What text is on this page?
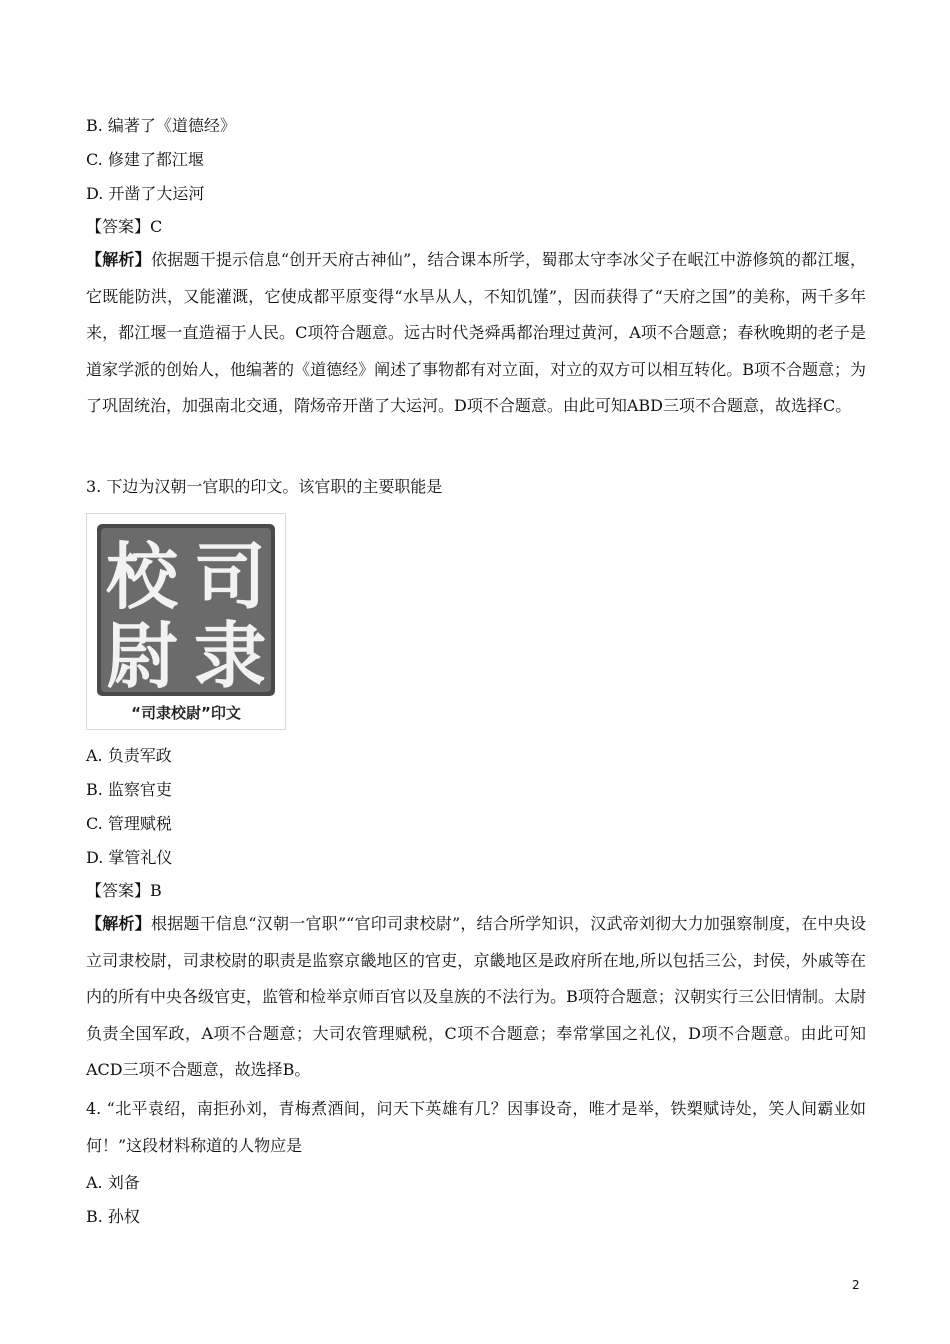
B. 编著了《道德经》
C. 修建了都江堰
D. 开凿了大运河
【答案】C
【解析】依据题干提示信息“创开天府古神仙”，结合课本所学，蜀郡太守李冰父子在岷江中游修筑的都江堰，它既能防洪，又能灌溉，它使成都平原变得“水旱从人，不知饥馑”，因而获得了“天府之国”的美称，两千多年来，都江堰一直造福于人民。C项符合题意。远古时代尧舜禹都治理过黄河，A项不合题意；春秋晚期的老子是道家学派的创始人，他编著的《道德经》阐述了事物都有对立面，对立的双方可以相互转化。B项不合题意；为了巩固统治，加强南北交通，隋炀帝开凿了大运河。D项不合题意。由此可知ABD三项不合题意，故选择C。
3. 下边为汉朝一官职的印文。该官职的主要职能是
司
隶
校
尉
“司隶校尉”印文
A. 负责军政
B. 监察官吏
C. 管理赋税
D. 掌管礼仪
【答案】B
【解析】根据题干信息“汉朝一官职”“官印司隶校尉”，结合所学知识，汉武帝刘彻大力加强察制度，在中央设立司隶校尉，司隶校尉的职责是监察京畿地区的官吏，京畿地区是政府所在地,所以包括三公，封侯，外戚等在内的所有中央各级官吏，监管和检举京师百官以及皇族的不法行为。B项符合题意；汉朝实行三公旧情制。太尉负责全国军政，A项不合题意；大司农管理赋税，C项不合题意；奉常掌国之礼仪，D项不合题意。由此可知ACD三项不合题意，故选择B。
4. “北平袁绍，南拒孙刘，青梅煮酒间，问天下英雄有几？因事设奇，唯才是举，铁槊赋诗处，笑人间霸业如何！”这段材料称道的人物应是
A. 刘备
B. 孙权
2
